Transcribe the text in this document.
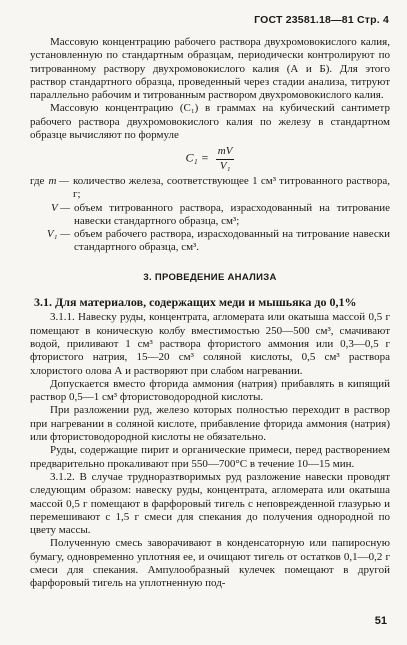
ГОСТ 23581.18—81 Стр. 4

Массовую концентрацию рабочего раствора двухромовокислого калия, установленную по стандартным образцам, периодически контролируют по титрованному раствору двухромовокислого калия (А и Б). Для этого раствор стандартного образца, проведенный через стадии анализа, титруют параллельно рабочим и титрованным раствором двухромовокислого калия.

Массовую концентрацию (C₁) в граммах на кубический сантиметр рабочего раствора двухромовокислого калия по железу в стандартном образце вычисляют по формуле

$C_1 = \frac{mV}{\text{V₁}}$
где m — количество железа, соответствующее 1 см³ титрованного раствора, г;
V — объем титрованного раствора, израсходованный на титрование навески стандартного образца, см³;
V₁ — объем рабочего раствора, израсходованный на титрование навески стандартного образца, см³.
3. ПРОВЕДЕНИЕ АНАЛИЗА

3.1. Для материалов, содержащих меди и мышьяка до 0,1%

3.1.1. Навеску руды, концентрата, агломерата или окатыша массой 0,5 г помещают в коническую колбу вместимостью 250—500 см³, смачивают водой, приливают 1 см³ раствора фтористого аммония или 0,3—0,5 г фтористого натрия, 15—20 см³ соляной кислоты, 0,5 см³ раствора хлористого олова А и растворяют при слабом нагревании.

Допускается вместо фторида аммония (натрия) прибавлять в кипящий раствор 0,5—1 см³ фтористоводородной кислоты.

При разложении руд, железо которых полностью переходит в раствор при нагревании в соляной кислоте, прибавление фторида аммония (натрия) или фтористоводородной кислоты не обязательно.

Руды, содержащие пирит и органические примеси, перед растворением предварительно прокаливают при 550—700°С в течение 10—15 мин.

3.1.2. В случае трудноразтворимых руд разложение навески проводят следующим образом: навеску руды, концентрата, агломерата или окатыша массой 0,5 г помещают в фарфоровый тигель с неповрежденной глазурью и перемешивают с 1,5 г смеси для спекания до получения однородной по цвету массы.

Полученную смесь заворачивают в конденсаторную или папиросную бумагу, одновременно уплотняя ее, и очищают тигель от остатков 0,1—0,2 г смеси для спекания. Ампулообразный кулечек помещают в другой фарфоровый тигель на уплотненную под-

51
